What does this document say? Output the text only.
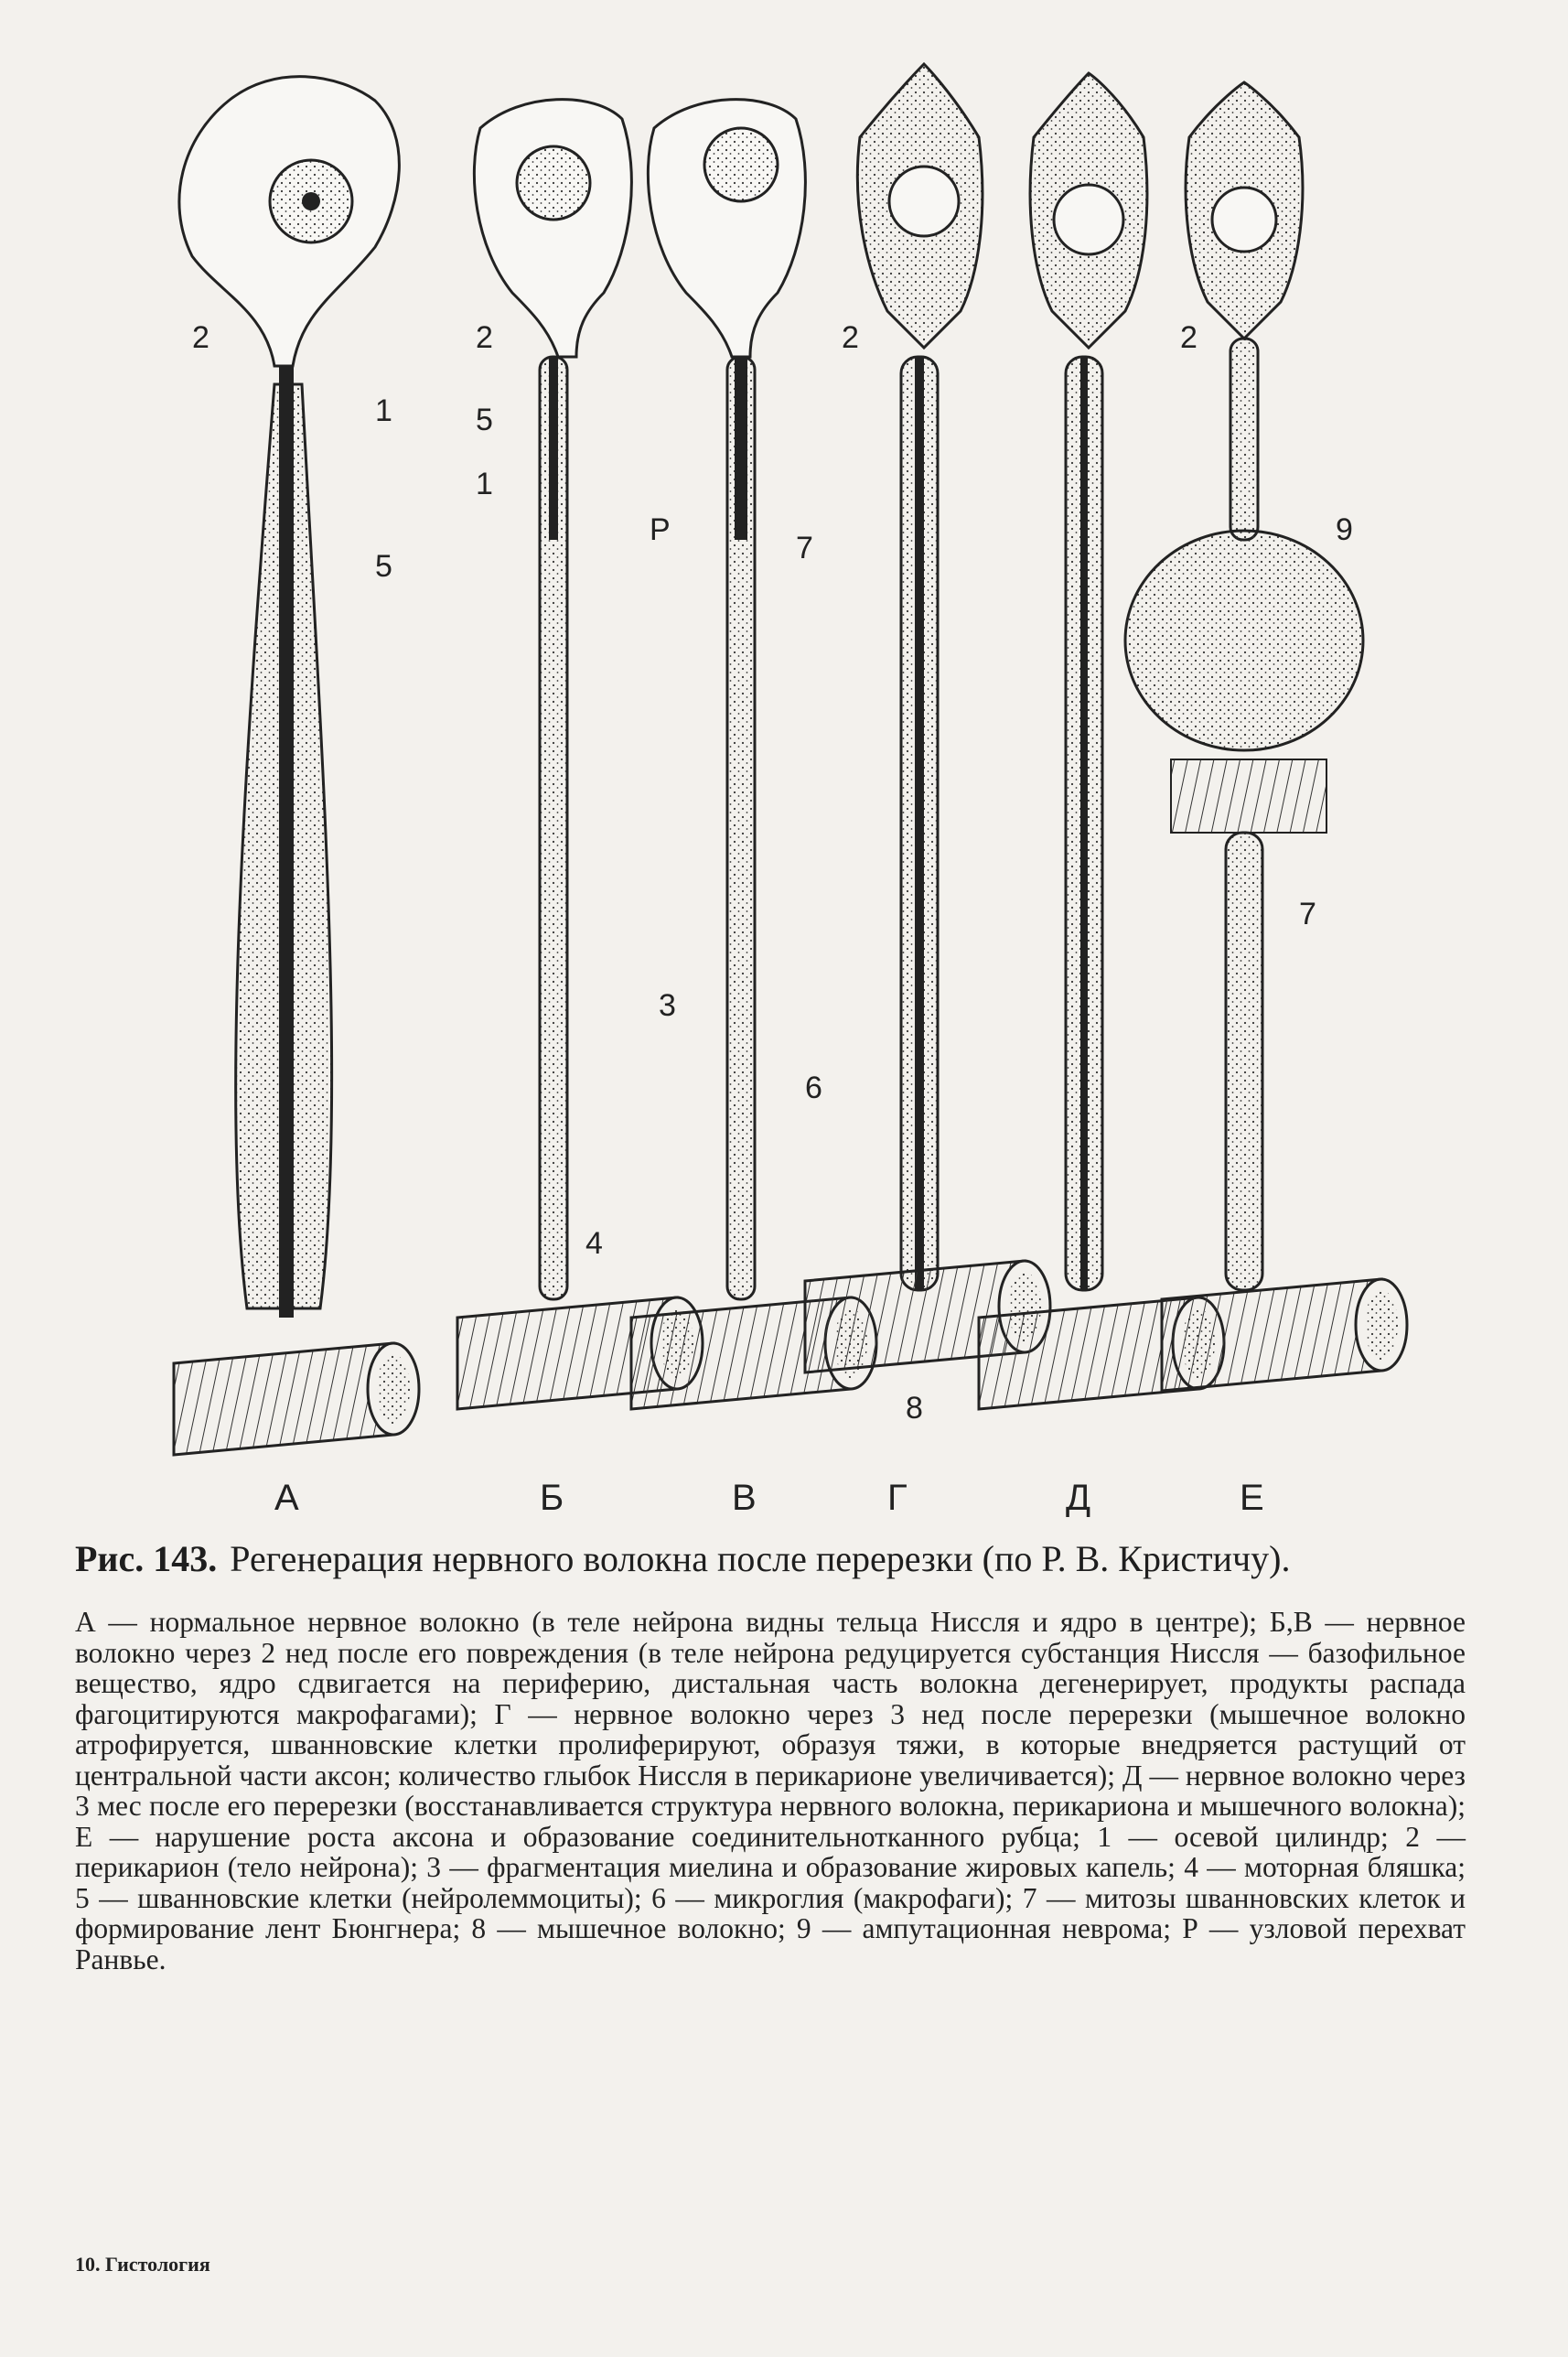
2
1
5
2
5
1
Р
7
3
6
4
2
8
2
9
7
А	Б	В	Г	Д	Е
Рис. 143. Регенерация нервного волокна после перерезки (по Р. В. Кристичу).
А — нормальное нервное волокно (в теле нейрона видны тельца Ниссля и ядро в центре); Б,В — нервное волокно через 2 нед после его повреждения (в теле нейрона редуцируется субстанция Ниссля — базофильное вещество, ядро сдвигается на периферию, дистальная часть волокна дегенерирует, продукты распада фагоцитируются макрофагами); Г — нервное волокно через 3 нед после перерезки (мышечное волокно атрофируется, шванновские клетки пролиферируют, образуя тяжи, в которые внедряется растущий от центральной части аксон; количество глыбок Ниссля в перикарионе увеличивается); Д — нервное волокно через 3 мес после его перерезки (восстанавливается структура нервного волокна, перикариона и мышечного волокна); Е — нарушение роста аксона и образование соединительнотканного рубца; 1 — осевой цилиндр; 2 — перикарион (тело нейрона); 3 — фрагментация миелина и образование жировых капель; 4 — моторная бляшка; 5 — шванновские клетки (нейролеммоциты); 6 — микроглия (макрофаги); 7 — митозы шванновских клеток и формирование лент Бюнгнера; 8 — мышечное волокно; 9 — ампутационная неврома; Р — узловой перехват Ранвье.
10. Гистология
